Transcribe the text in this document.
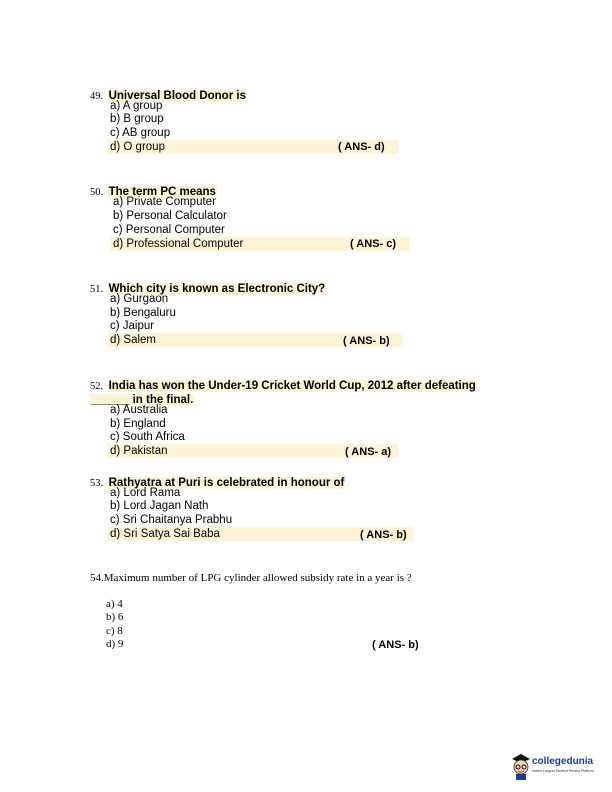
49. Universal Blood Donor is
a) A group
b) B group
c) AB group
d) O group	( ANS- d)
50. The term PC means
a) Private Computer
b) Personal Calculator
c) Personal Computer
d) Professional Computer	( ANS- c)
51. Which city is known as Electronic City?
a) Gurgaon
b) Bengaluru
c) Jaipur
d) Salem	( ANS- b)
52. India has won the Under-19 Cricket World Cup, 2012 after defeating
______ in the final.
a) Australia
b) England
c) South Africa
d) Pakistan	( ANS- a)
53. Rathyatra at Puri is celebrated in honour of
a) Lord Rama
b) Lord Jagan Nath
c) Sri Chaitanya Prabhu
d) Sri Satya Sai Baba	( ANS- b)
54.Maximum number of LPG cylinder allowed subsidy rate in a year is ?
a) 4
b) 6
c) 8
d) 9	( ANS- b)
collegedunia
India's Largest Student Review Platform
